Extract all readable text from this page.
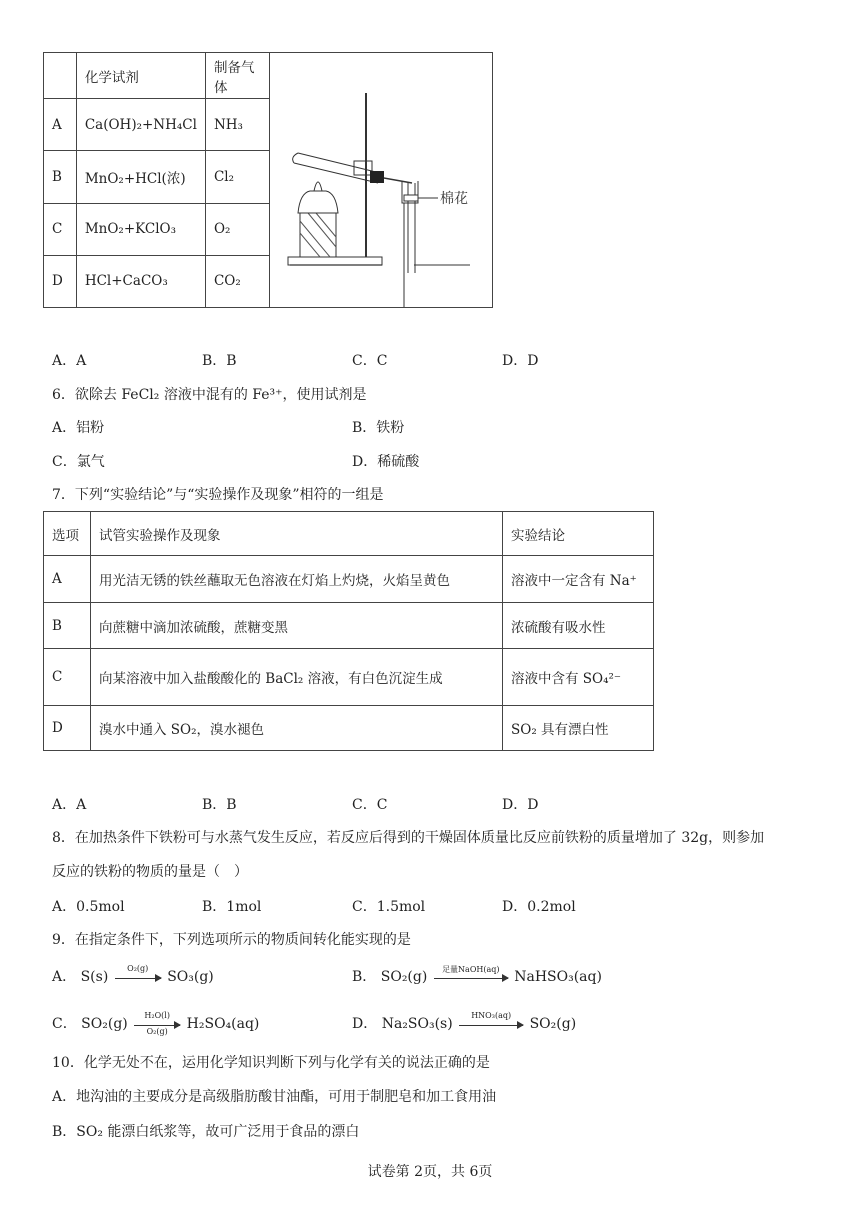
	化学试剂	制备气体	棉花

A	Ca(OH)₂+NH₄Cl	NH₃	
B	MnO₂+HCl(浓)	Cl₂	
C	MnO₂+KClO₃	O₂	
D	HCl+CaCO₃	CO₂	
A．A	B．B	C．C	D．D
6．欲除去 FeCl₂ 溶液中混有的 Fe³⁺，使用试剂是
A．铝粉	B．铁粉
C．氯气	D．稀硫酸
7．下列“实验结论”与“实验操作及现象”相符的一组是
选项	试管实验操作及现象	实验结论
A	用光洁无锈的铁丝蘸取无色溶液在灯焰上灼烧，火焰呈黄色	溶液中一定含有 Na⁺
B	向蔗糖中滴加浓硫酸，蔗糖变黑	浓硫酸有吸水性
C	向某溶液中加入盐酸酸化的 BaCl₂ 溶液，有白色沉淀生成	溶液中含有 SO₄²⁻
D	溴水中通入 SO₂，溴水褪色	SO₂ 具有漂白性
A．A	B．B	C．C	D．D
8．在加热条件下铁粉可与水蒸气发生反应，若反应后得到的干燥固体质量比反应前铁粉的质量增加了 32g，则参加
反应的铁粉的物质的量是（　）
A．0.5mol	B．1mol	C．1.5mol	D．0.2mol
9．在指定条件下，下列选项所示的物质间转化能实现的是
A． S(s)
O₂(g)
SO₃(g)	B． SO₂(g)	足量NaOH(aq)	NaHSO₃(aq)
C． $SO_2(g) \frac{\text{H₂O(l)}}{\text{O₂(g)}} H_2SO_4(aq)$	D． Na₂SO₃(s)
HNO₃(aq)
SO₂(g)
10．化学无处不在，运用化学知识判断下列与化学有关的说法正确的是
A．地沟油的主要成分是高级脂肪酸甘油酯，可用于制肥皂和加工食用油
B．SO₂ 能漂白纸浆等，故可广泛用于食品的漂白
试卷第 2页，共 6页
